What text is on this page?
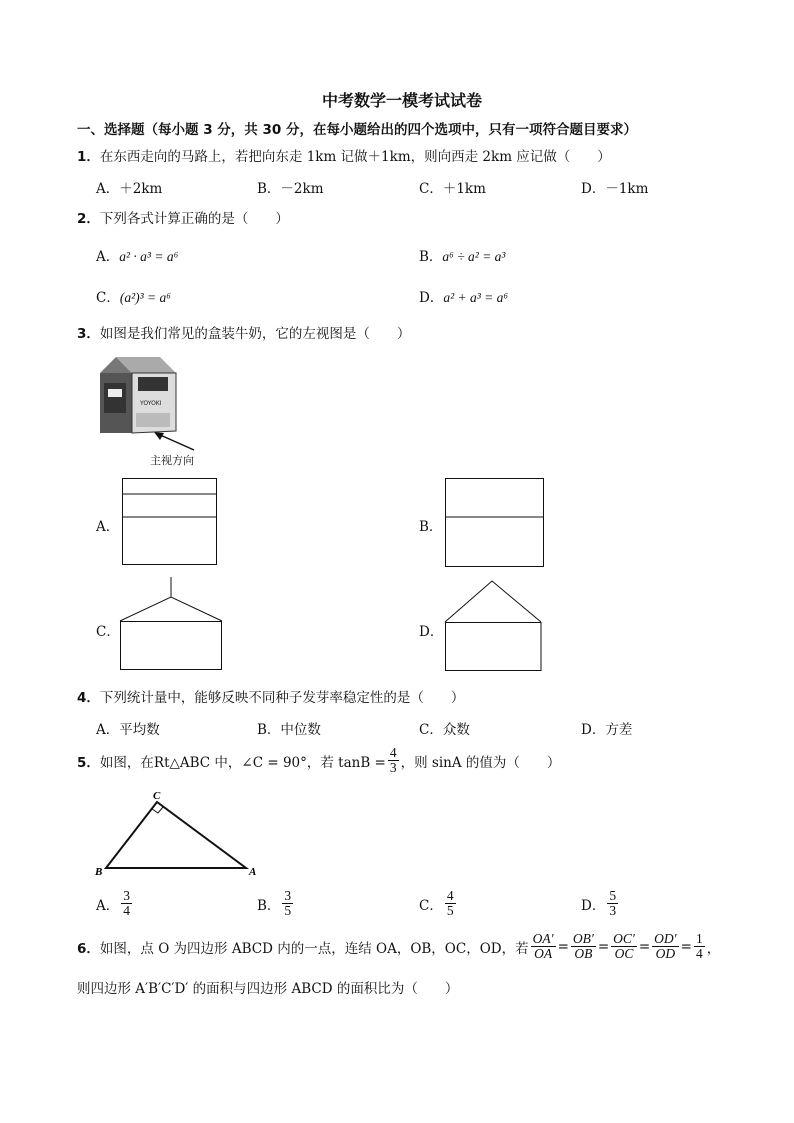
中考数学一模考试试卷
一、选择题（每小题 3 分，共 30 分，在每小题给出的四个选项中，只有一项符合题目要求）
1．在东西走向的马路上，若把向东走 1km 记做＋1km，则向西走 2km 应记做（　　）
A．＋2km	B．－2km	C．＋1km	D．－1km
2．下列各式计算正确的是（　　）
A．a² · a³ = a⁶	B．a⁶ ÷ a² = a³
C．(a²)³ = a⁶	D．a² + a³ = a⁶
3．如图是我们常见的盒装牛奶，它的左视图是（　　）
YOYOKI
主视方向
A．	B．
C．	D．
4．下列统计量中，能够反映不同种子发芽率稳定性的是（　　）
A．平均数	B．中位数	C．众数	D．方差
5． 如图，在Rt△ABC 中，∠C = 90°，若 $\tan B = \frac{4}{3}$ ，则 sinA 的值为（　　）
C
B	A
A． $\frac{3}{4}$	B． $\frac{3}{5}$	C． $\frac{4}{5}$	D． $\frac{5}{3}$
6． 如图，点 O 为四边形 ABCD 内的一点，连结 OA，OB，OC，OD，若 $\frac{OA'}{OA} = \frac{OB'}{OB} = \frac{OC'}{OC} = \frac{OD'}{OD} = \frac{1}{4}$ ，
则四边形 A′B′C′D′ 的面积与四边形 ABCD 的面积比为（　　）
